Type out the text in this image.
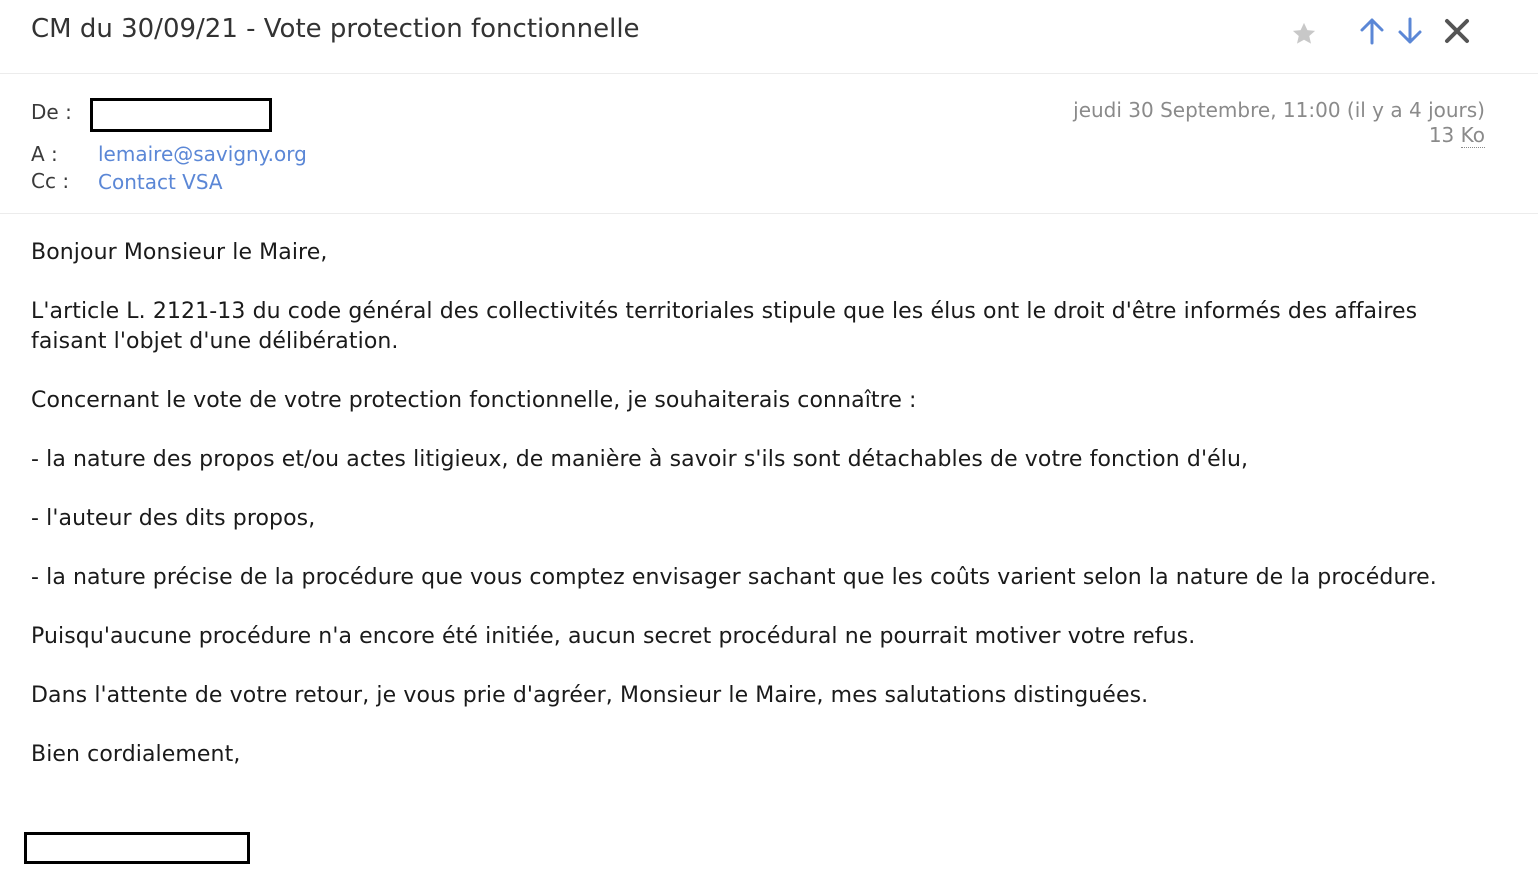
CM du 30/09/21 - Vote protection fonctionnelle
De :
A : lemaire@savigny.org
Cc : Contact VSA
jeudi 30 Septembre, 11:00 (il y a 4 jours)
13 Ko

Bonjour Monsieur le Maire,

L'article L. 2121-13 du code général des collectivités territoriales stipule que les élus ont le droit d'être informés des affaires faisant l'objet d'une délibération.

Concernant le vote de votre protection fonctionnelle, je souhaiterais connaître :

- la nature des propos et/ou actes litigieux, de manière à savoir s'ils sont détachables de votre fonction d'élu,

- l'auteur des dits propos,

- la nature précise de la procédure que vous comptez envisager sachant que les coûts varient selon la nature de la procédure.

Puisqu'aucune procédure n'a encore été initiée, aucun secret procédural ne pourrait motiver votre refus.

Dans l'attente de votre retour, je vous prie d'agréer, Monsieur le Maire, mes salutations distinguées.

Bien cordialement,
